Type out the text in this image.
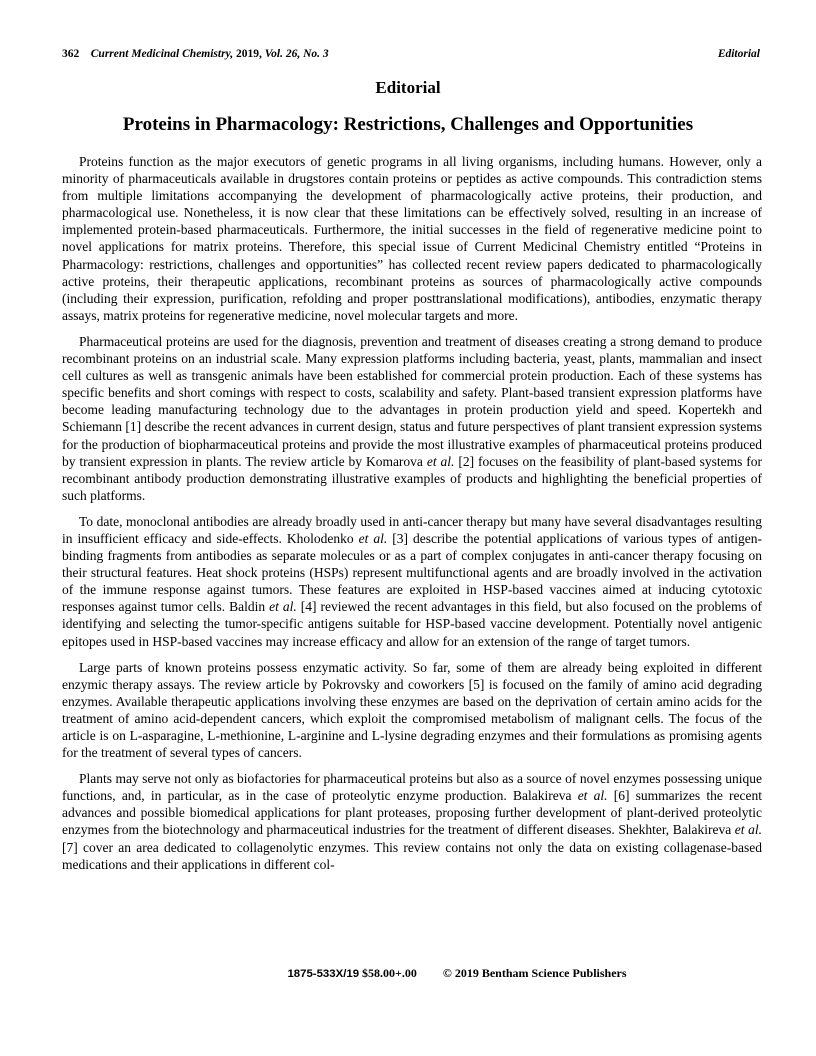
362 Current Medicinal Chemistry, 2019, Vol. 26, No. 3	Editorial
Editorial
Proteins in Pharmacology: Restrictions, Challenges and Opportunities

Proteins function as the major executors of genetic programs in all living organisms, including humans. However, only a minority of pharmaceuticals available in drugstores contain proteins or peptides as active compounds. This contradiction stems from multiple limitations accompanying the development of pharmacologically active proteins, their production, and pharmacological use. Nonetheless, it is now clear that these limitations can be effectively solved, resulting in an increase of implemented protein-based pharmaceuticals. Furthermore, the initial successes in the field of regenerative medicine point to novel applications for matrix proteins. Therefore, this special issue of Current Medicinal Chemistry entitled “Proteins in Pharmacology: restrictions, challenges and opportunities” has collected recent review papers dedicated to pharmacologically active proteins, their therapeutic applications, recombinant proteins as sources of pharmacologically active compounds (including their expression, purification, refolding and proper posttranslational modifications), antibodies, enzymatic therapy assays, matrix proteins for regenerative medicine, novel molecular targets and more.

Pharmaceutical proteins are used for the diagnosis, prevention and treatment of diseases creating a strong demand to produce recombinant proteins on an industrial scale. Many expression platforms including bacteria, yeast, plants, mammalian and insect cell cultures as well as transgenic animals have been established for commercial protein production. Each of these systems has specific benefits and short comings with respect to costs, scalability and safety. Plant-based transient expression platforms have become leading manufacturing technology due to the advantages in protein production yield and speed. Kopertekh and Schiemann [1] describe the recent advances in current design, status and future perspectives of plant transient expression systems for the production of biopharmaceutical proteins and provide the most illustrative examples of pharmaceutical proteins produced by transient expression in plants. The review article by Komarova et al. [2] focuses on the feasibility of plant-based systems for recombinant antibody production demonstrating illustrative examples of products and highlighting the beneficial properties of such platforms.

To date, monoclonal antibodies are already broadly used in anti-cancer therapy but many have several disadvantages resulting in insufficient efficacy and side-effects. Kholodenko et al. [3] describe the potential applications of various types of antigen-binding fragments from antibodies as separate molecules or as a part of complex conjugates in anti-cancer therapy focusing on their structural features. Heat shock proteins (HSPs) represent multifunctional agents and are broadly involved in the activation of the immune response against tumors. These features are exploited in HSP-based vaccines aimed at inducing cytotoxic responses against tumor cells. Baldin et al. [4] reviewed the recent advantages in this field, but also focused on the problems of identifying and selecting the tumor-specific antigens suitable for HSP-based vaccine development. Potentially novel antigenic epitopes used in HSP-based vaccines may increase efficacy and allow for an extension of the range of target tumors.

Large parts of known proteins possess enzymatic activity. So far, some of them are already being exploited in different enzymic therapy assays. The review article by Pokrovsky and coworkers [5] is focused on the family of amino acid degrading enzymes. Available therapeutic applications involving these enzymes are based on the deprivation of certain amino acids for the treatment of amino acid-dependent cancers, which exploit the compromised metabolism of malignant cells. The focus of the article is on L-asparagine, L-methionine, L-arginine and L-lysine degrading enzymes and their formulations as promising agents for the treatment of several types of cancers.

Plants may serve not only as biofactories for pharmaceutical proteins but also as a source of novel enzymes possessing unique functions, and, in particular, as in the case of proteolytic enzyme production. Balakireva et al. [6] summarizes the recent advances and possible biomedical applications for plant proteases, proposing further development of plant-derived proteolytic enzymes from the biotechnology and pharmaceutical industries for the treatment of different diseases. Shekhter, Balakireva et al. [7] cover an area dedicated to collagenolytic enzymes. This review contains not only the data on existing collagenase-based medications and their applications in different col-

1875-533X/19 $58.00+.00 © 2019 Bentham Science Publishers
